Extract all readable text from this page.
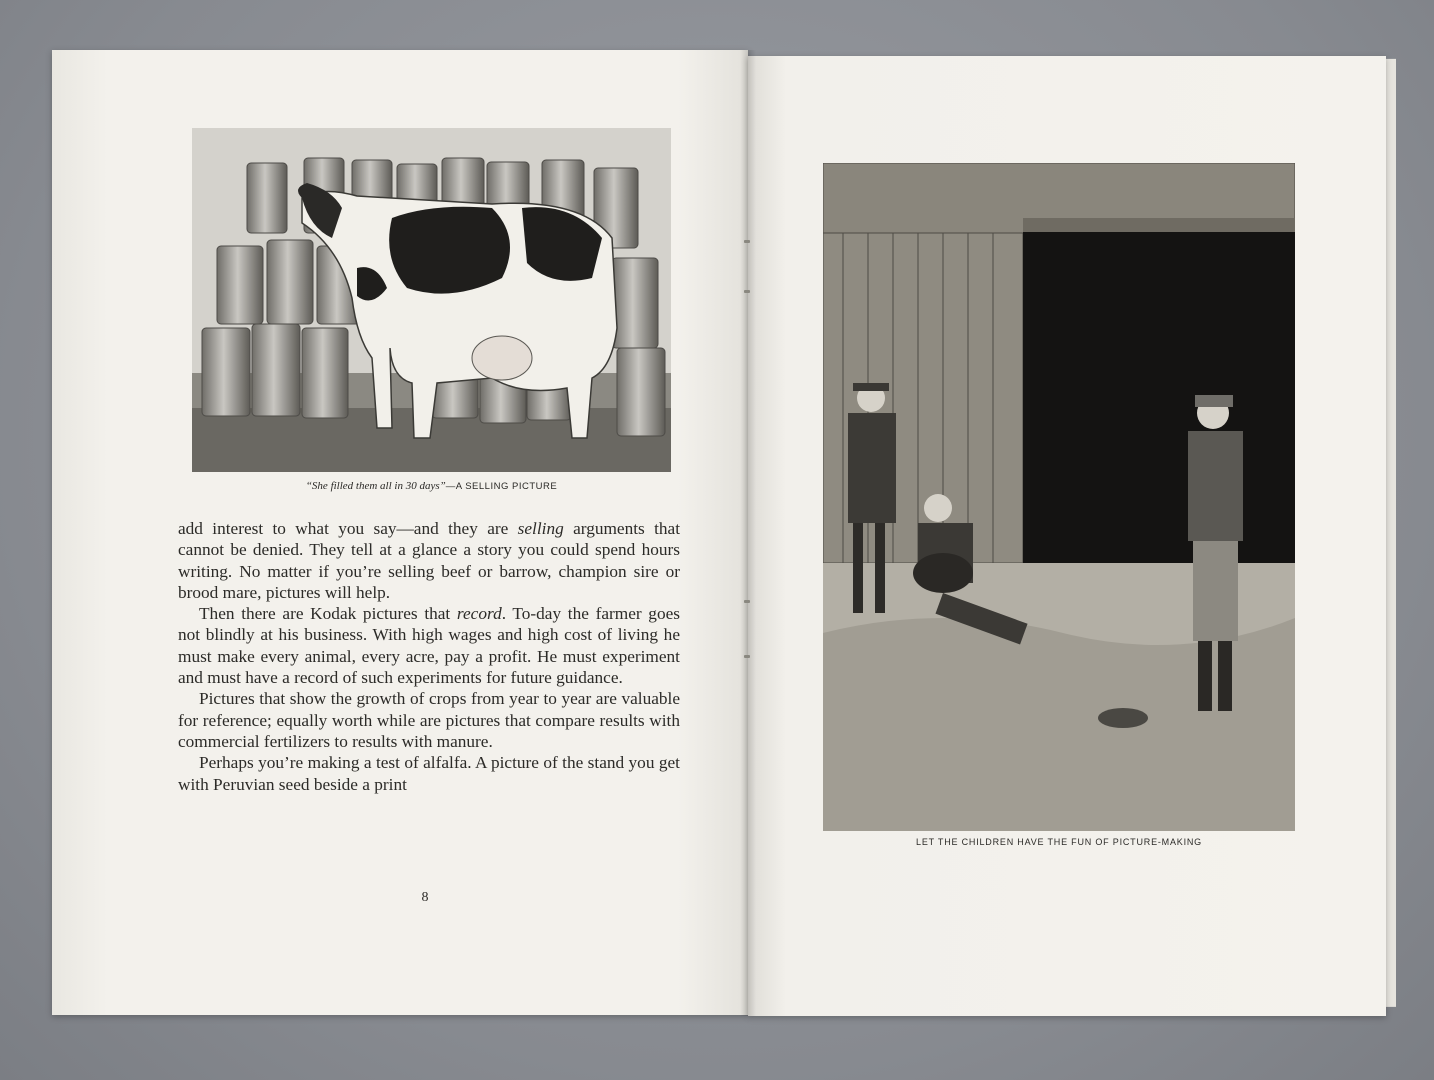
“She filled them all in 30 days”—A SELLING PICTURE

add interest to what you say—and they are selling arguments that cannot be denied. They tell at a glance a story you could spend hours writing. No matter if you’re selling beef or barrow, champion sire or brood mare, pictures will help.

Then there are Kodak pictures that record. To-day the farmer goes not blindly at his business. With high wages and high cost of living he must make every animal, every acre, pay a profit. He must experiment and must have a record of such experiments for future guidance.

Pictures that show the growth of crops from year to year are valuable for reference; equally worth while are pictures that compare results with commercial fertilizers to results with manure.

Perhaps you’re making a test of alfalfa. A picture of the stand you get with Peruvian seed beside a print

8
LET THE CHILDREN HAVE THE FUN OF PICTURE-MAKING
